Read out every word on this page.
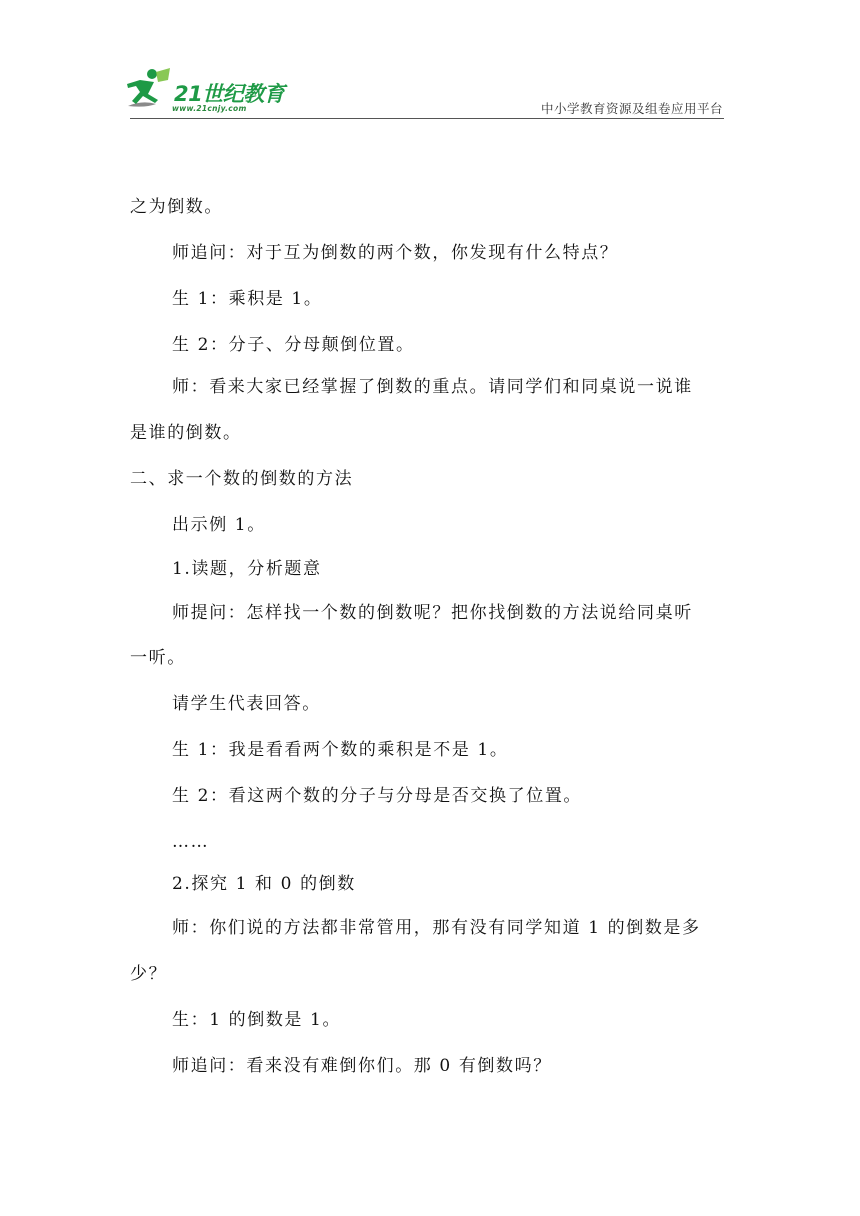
21世纪教育
www.21cnjy.com	中小学教育资源及组卷应用平台
之为倒数。
师追问：对于互为倒数的两个数，你发现有什么特点？
生 1：乘积是 1。
生 2：分子、分母颠倒位置。
师：看来大家已经掌握了倒数的重点。请同学们和同桌说一说谁
是谁的倒数。
二、求一个数的倒数的方法
出示例 1。
1.读题，分析题意
师提问：怎样找一个数的倒数呢？把你找倒数的方法说给同桌听
一听。
请学生代表回答。
生 1：我是看看两个数的乘积是不是 1。
生 2：看这两个数的分子与分母是否交换了位置。
……
2.探究 1 和 0 的倒数
师：你们说的方法都非常管用，那有没有同学知道 1 的倒数是多
少？
生：1 的倒数是 1。
师追问：看来没有难倒你们。那 0 有倒数吗？
